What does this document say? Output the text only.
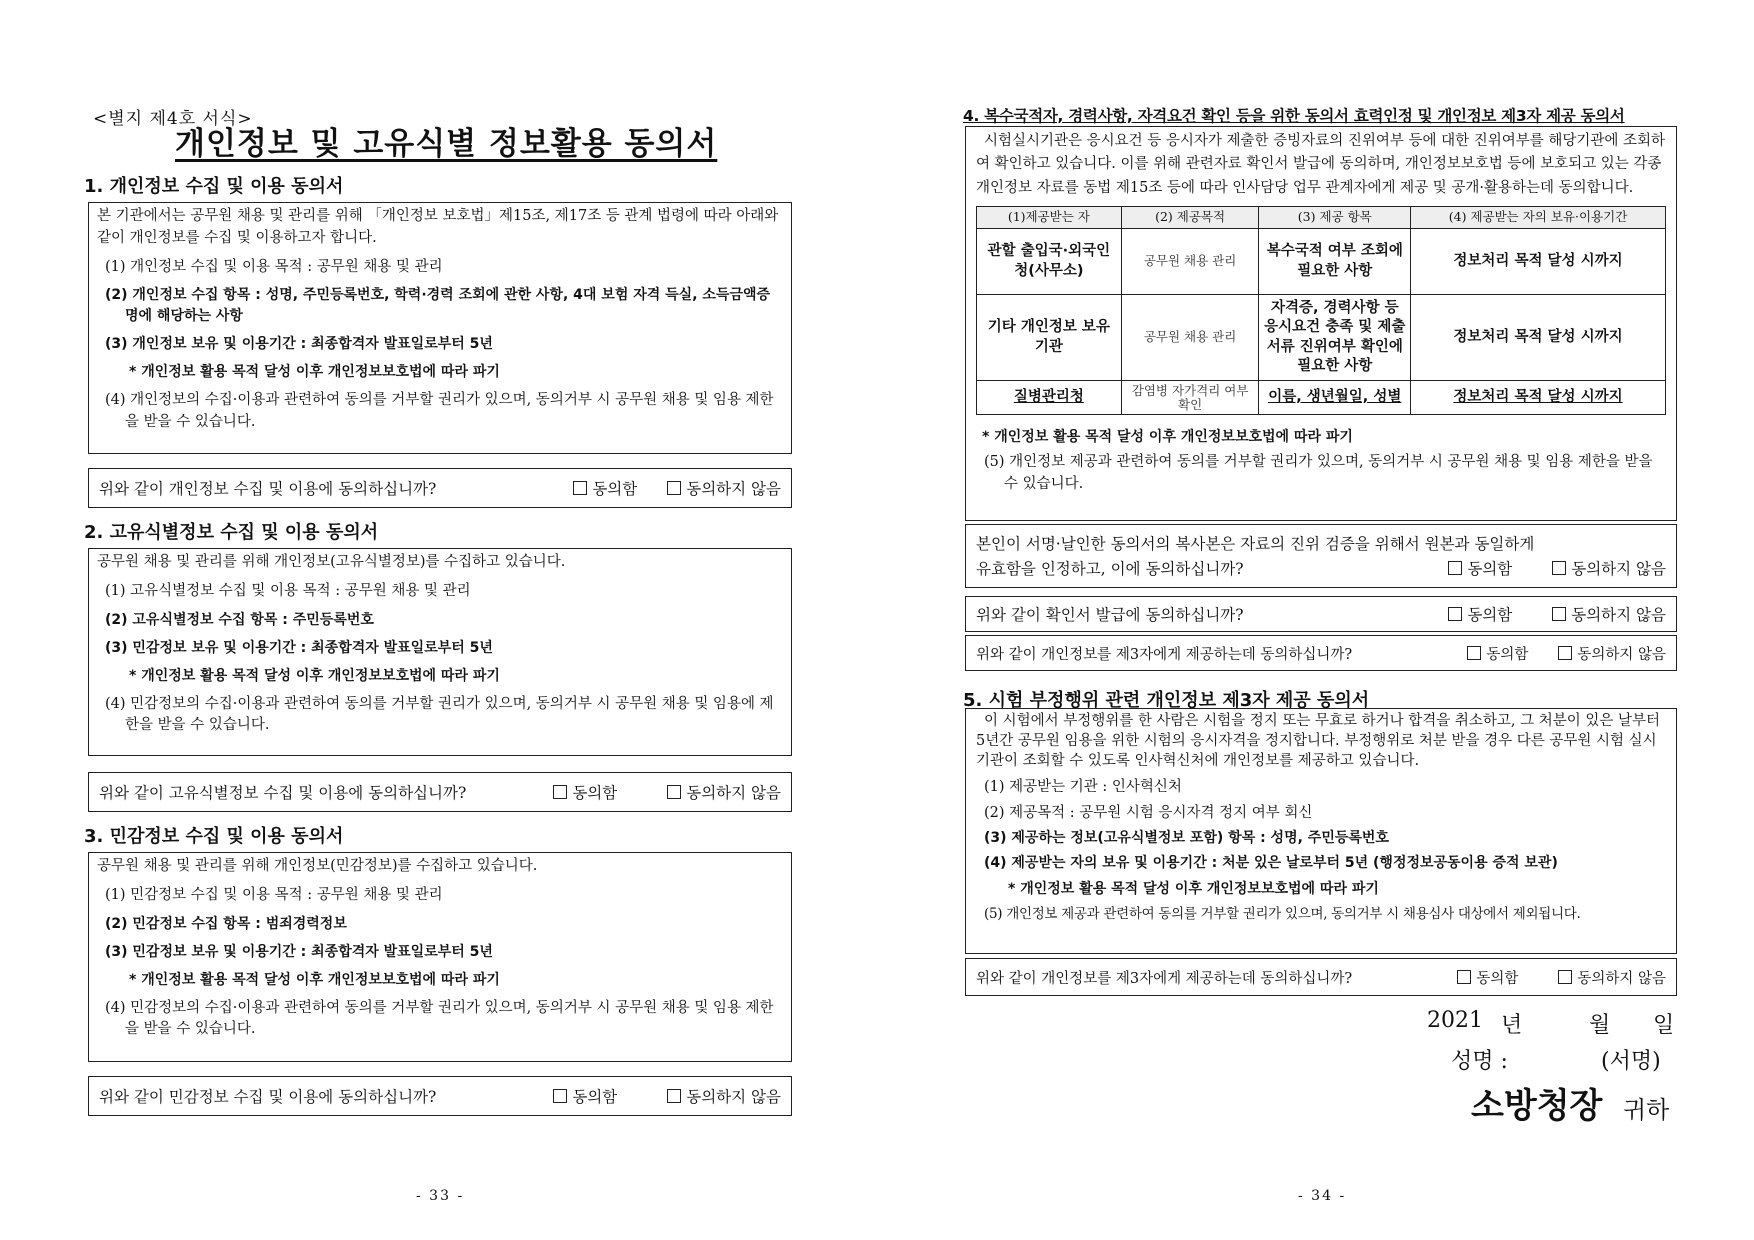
<별지 제4호 서식>
개인정보 및 고유식별 정보활용 동의서
1. 개인정보 수집 및 이용 동의서

본 기관에서는 공무원 채용 및 관리를 위해 「개인정보 보호법」제15조, 제17조 등 관계 법령에 따라 아래와 같이 개인정보를 수집 및 이용하고자 합니다.

(1) 개인정보 수집 및 이용 목적 : 공무원 채용 및 관리

(2) 개인정보 수집 항목 : 성명, 주민등록번호, 학력·경력 조회에 관한 사항, 4대 보험 자격 득실, 소득금액증명에 해당하는 사항

(3) 개인정보 보유 및 이용기간 : 최종합격자 발표일로부터 5년

* 개인정보 활용 목적 달성 이후 개인정보보호법에 따라 파기

(4) 개인정보의 수집·이용과 관련하여 동의를 거부할 권리가 있으며, 동의거부 시 공무원 채용 및 임용 제한을 받을 수 있습니다.

위와 같이 개인정보 수집 및 이용에 동의하십니까?	동의함	동의하지 않음
2. 고유식별정보 수집 및 이용 동의서

공무원 채용 및 관리를 위해 개인정보(고유식별정보)를 수집하고 있습니다.

(1) 고유식별정보 수집 및 이용 목적 : 공무원 채용 및 관리

(2) 고유식별정보 수집 항목 : 주민등록번호

(3) 민감정보 보유 및 이용기간 : 최종합격자 발표일로부터 5년

* 개인정보 활용 목적 달성 이후 개인정보보호법에 따라 파기

(4) 민감정보의 수집·이용과 관련하여 동의를 거부할 권리가 있으며, 동의거부 시 공무원 채용 및 임용에 제한을 받을 수 있습니다.

위와 같이 고유식별정보 수집 및 이용에 동의하십니까?	동의함	동의하지 않음
3. 민감정보 수집 및 이용 동의서

공무원 채용 및 관리를 위해 개인정보(민감정보)를 수집하고 있습니다.

(1) 민감정보 수집 및 이용 목적 : 공무원 채용 및 관리

(2) 민감정보 수집 항목 : 범죄경력정보

(3) 민감정보 보유 및 이용기간 : 최종합격자 발표일로부터 5년

* 개인정보 활용 목적 달성 이후 개인정보보호법에 따라 파기

(4) 민감정보의 수집·이용과 관련하여 동의를 거부할 권리가 있으며, 동의거부 시 공무원 채용 및 임용 제한을 받을 수 있습니다.

위와 같이 민감정보 수집 및 이용에 동의하십니까?	동의함	동의하지 않음
- 33 -
4. 복수국적자, 경력사항, 자격요건 확인 등을 위한 동의서 효력인정 및 개인정보 제3자 제공 동의서

시험실시기관은 응시요건 등 응시자가 제출한 증빙자료의 진위여부 등에 대한 진위여부를 해당기관에 조회하여 확인하고 있습니다. 이를 위해 관련자료 확인서 발급에 동의하며, 개인정보보호법 등에 보호되고 있는 각종 개인정보 자료를 동법 제15조 등에 따라 인사담당 업무 관계자에게 제공 및 공개·활용하는데 동의합니다.

(1)제공받는 자	(2) 제공목적	(3) 제공 항목	(4) 제공받는 자의 보유·이용기간
관할 출입국·외국인청(사무소)	공무원 채용 관리	복수국적 여부 조회에 필요한 사항	정보처리 목적 달성 시까지
기타 개인정보 보유기관	공무원 채용 관리	자격증, 경력사항 등 응시요건 충족 및 제출서류 진위여부 확인에 필요한 사항	정보처리 목적 달성 시까지
질병관리청	감염병 자가격리 여부 확인	이름, 생년월일, 성별	정보처리 목적 달성 시까지

* 개인정보 활용 목적 달성 이후 개인정보보호법에 따라 파기

(5) 개인정보 제공과 관련하여 동의를 거부할 권리가 있으며, 동의거부 시 공무원 채용 및 임용 제한을 받을 수 있습니다.

본인이 서명·날인한 동의서의 복사본은 자료의 진위 검증을 위해서 원본과 동일하게
유효함을 인정하고, 이에 동의하십니까?	동의함	동의하지 않음
위와 같이 확인서 발급에 동의하십니까?	동의함	동의하지 않음
위와 같이 개인정보를 제3자에게 제공하는데 동의하십니까?	동의함	동의하지 않음
5. 시험 부정행위 관련 개인정보 제3자 제공 동의서

이 시험에서 부정행위를 한 사람은 시험을 정지 또는 무효로 하거나 합격을 취소하고, 그 처분이 있은 날부터 5년간 공무원 임용을 위한 시험의 응시자격을 정지합니다. 부정행위로 처분 받을 경우 다른 공무원 시험 실시기관이 조회할 수 있도록 인사혁신처에 개인정보를 제공하고 있습니다.

(1) 제공받는 기관 : 인사혁신처

(2) 제공목적 : 공무원 시험 응시자격 정지 여부 회신

(3) 제공하는 정보(고유식별정보 포함) 항목 : 성명, 주민등록번호

(4) 제공받는 자의 보유 및 이용기간 : 처분 있은 날로부터 5년 (행정정보공동이용 증적 보관)

* 개인정보 활용 목적 달성 이후 개인정보보호법에 따라 파기

(5) 개인정보 제공과 관련하여 동의를 거부할 권리가 있으며, 동의거부 시 채용심사 대상에서 제외됩니다.

위와 같이 개인정보를 제3자에게 제공하는데 동의하십니까?	동의함	동의하지 않음
2021 년	월 일
성명 :	(서명)
소방청장 귀하
- 34 -
